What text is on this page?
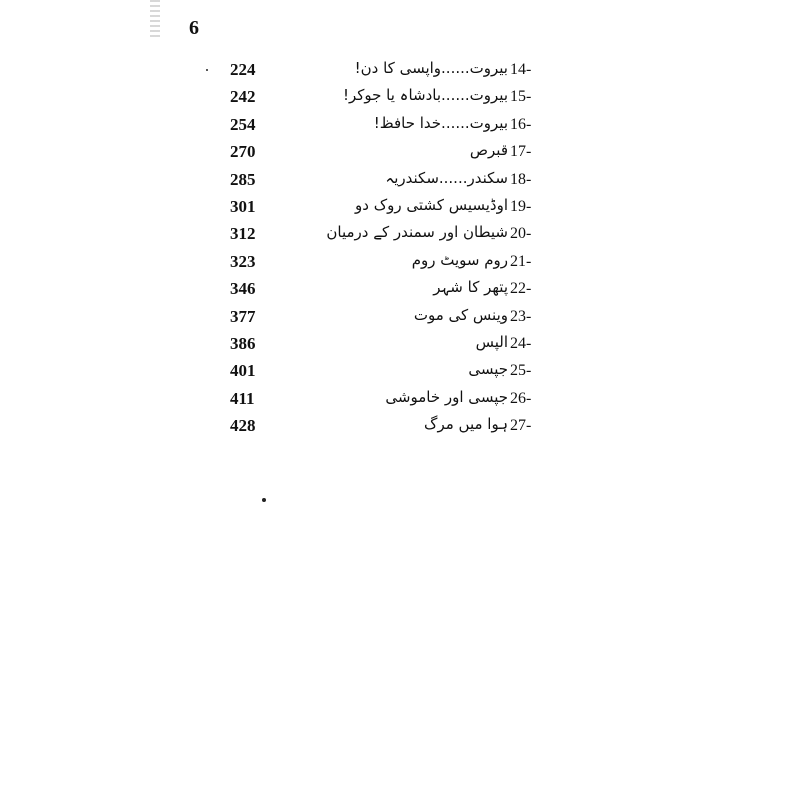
6
224	بیروت......واپسی کا دن! 14-
242	بیروت......بادشاہ یا جوکر! 15-
254	بیروت......خدا حافظ! 16-
270	قبرص 17-
285	سکندر......سکندریہ 18-
301	اوڈیسیس کشتی روک دو 19-
312	شیطان اور سمندر کے درمیان 20-
323	روم سویٹ روم 21-
346	پتھر کا شہر 22-
377	وینس کی موت 23-
386	الپس 24-
401	جپسی 25-
411	جپسی اور خاموشی 26-
428	ہوا میں مرگ 27-
